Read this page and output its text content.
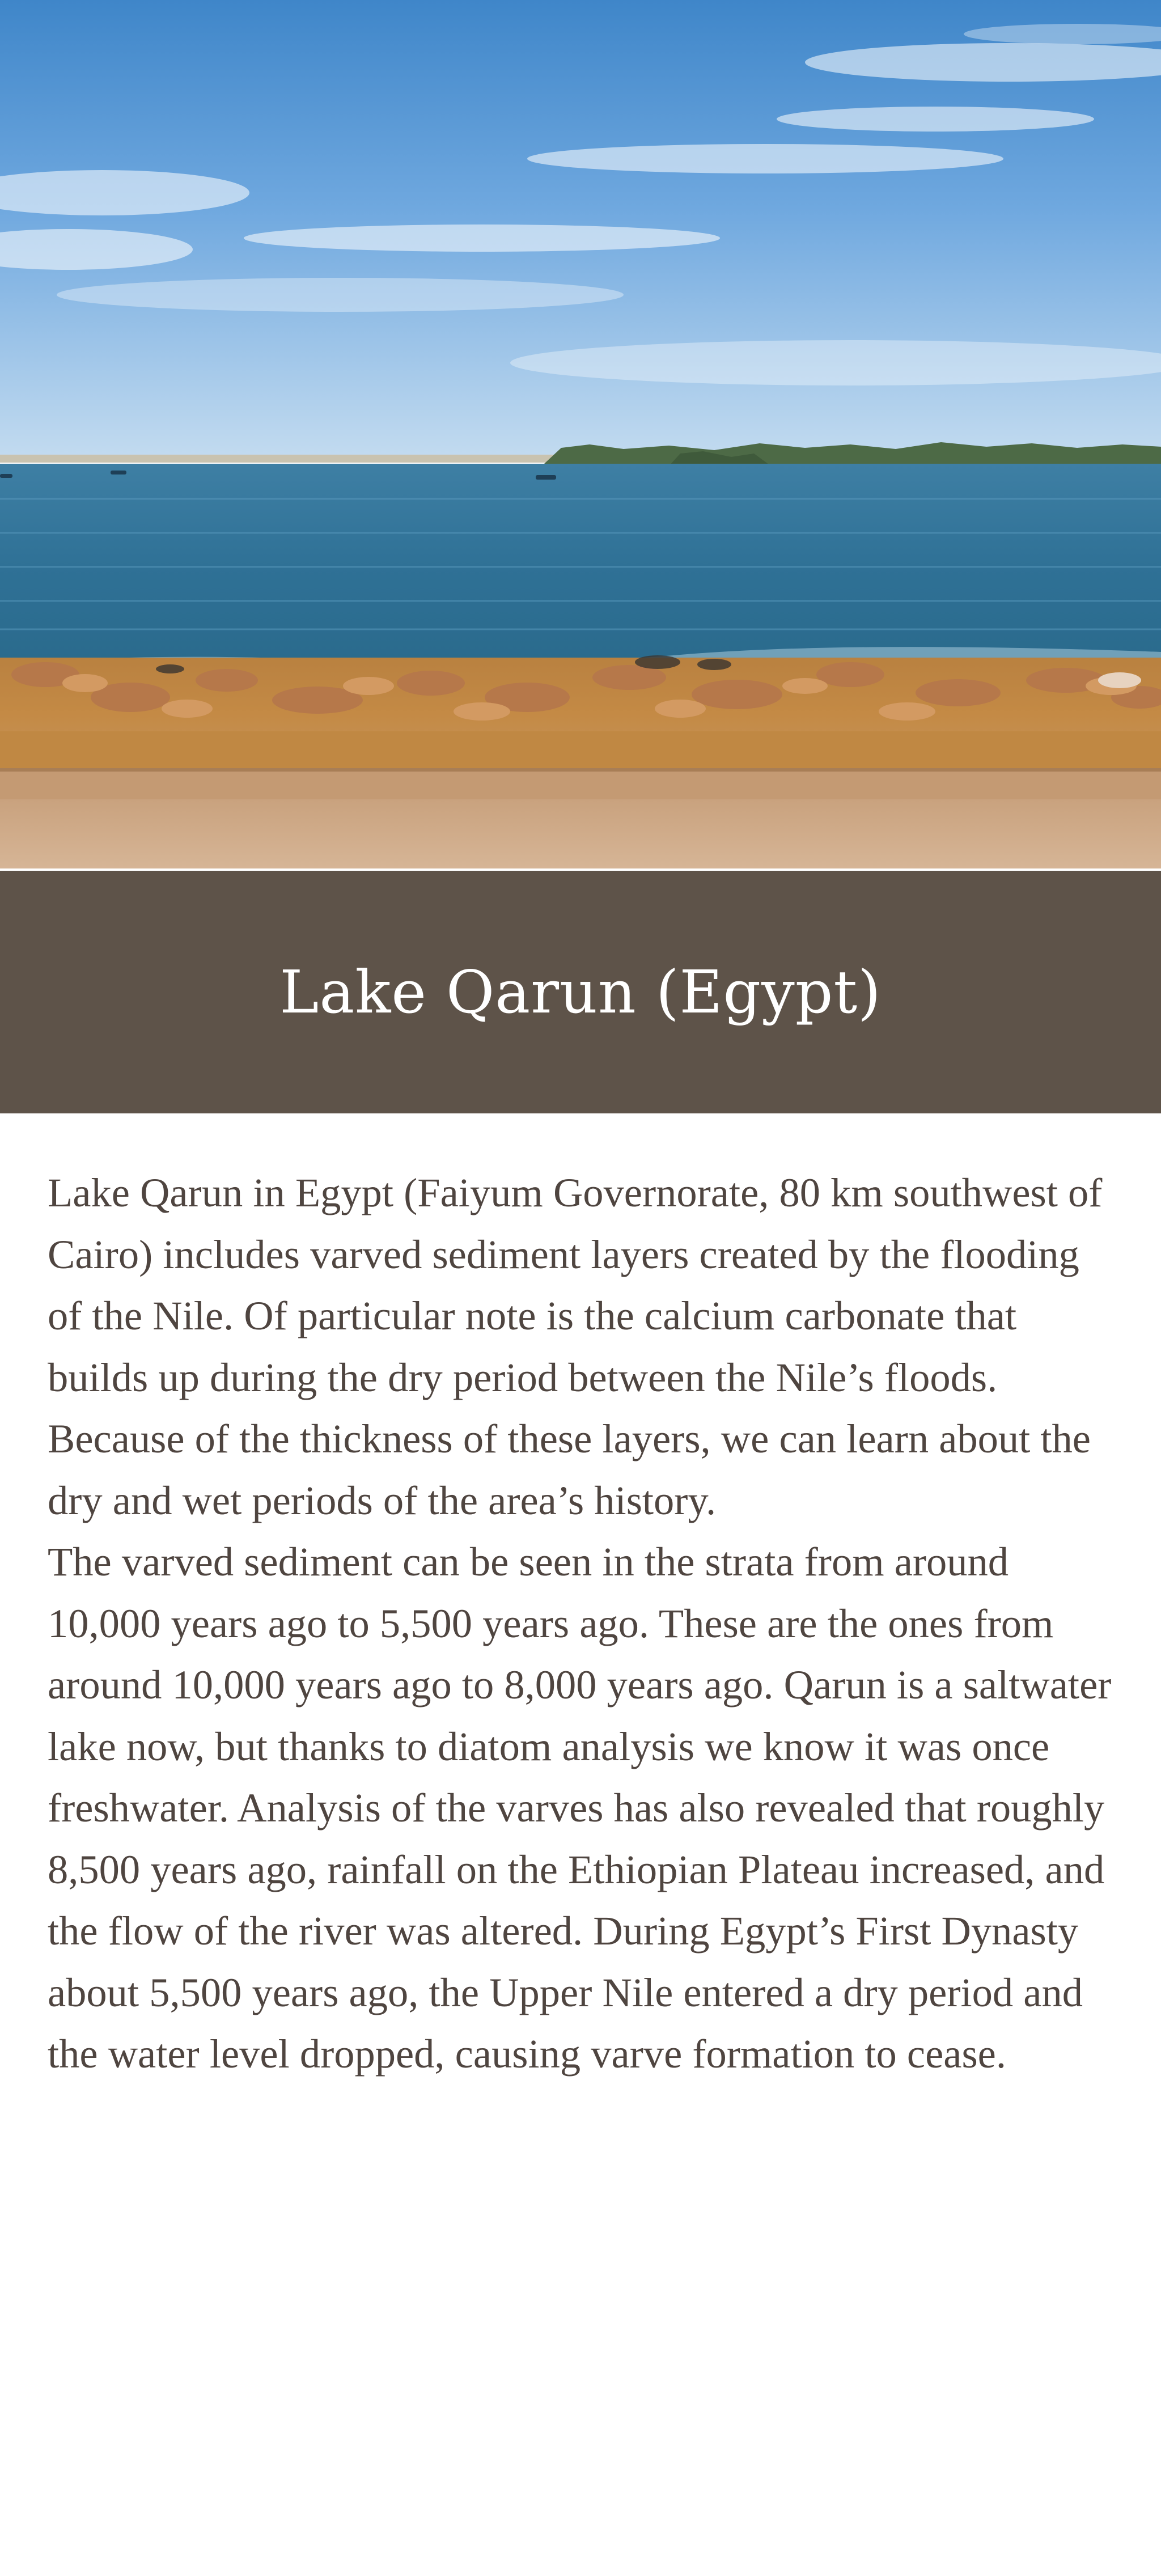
Lake Qarun (Egypt)

Lake Qarun in Egypt (Faiyum Governorate, 80 km southwest of Cairo) includes varved sediment layers created by the flooding of the Nile. Of particular note is the calcium carbonate that builds up during the dry period between the Nile’s floods. Because of the thickness of these layers, we can learn about the dry and wet periods of the area’s history.

The varved sediment can be seen in the strata from around 10,000 years ago to 5,500 years ago. These are the ones from around 10,000 years ago to 8,000 years ago. Qarun is a saltwater lake now, but thanks to diatom analysis we know it was once freshwater. Analysis of the varves has also revealed that roughly 8,500 years ago, rainfall on the Ethiopian Plateau increased, and the flow of the river was altered. During Egypt’s First Dynasty about 5,500 years ago, the Upper Nile entered a dry period and the water level dropped, causing varve formation to cease.
